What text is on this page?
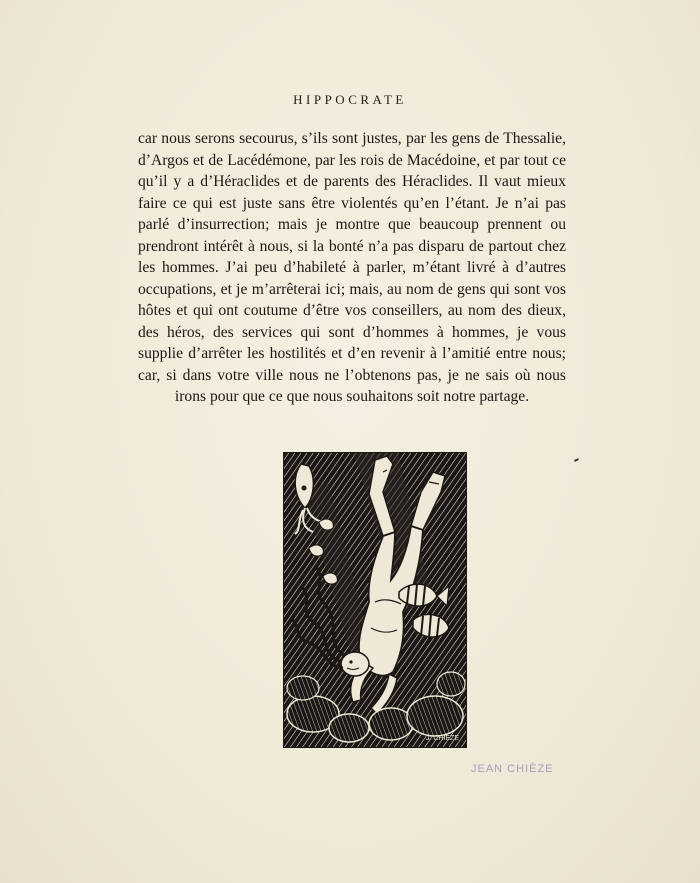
HIPPOCRATE

car nous serons secourus, s’ils sont justes, par les gens de Thessalie, d’Argos et de Lacédémone, par les rois de Macédoine, et par tout ce qu’il y a d’Héraclides et de parents des Héraclides. Il vaut mieux faire ce qui est juste sans être violentés qu’en l’étant. Je n’ai pas parlé d’insurrection; mais je montre que beaucoup prennent ou prendront intérêt à nous, si la bonté n’a pas disparu de partout chez les hommes. J’ai peu d’habileté à parler, m’étant livré à d’autres occupations, et je m’arrêterai ici; mais, au nom de gens qui sont vos hôtes et qui ont coutume d’être vos conseillers, au nom des dieux, des héros, des services qui sont d’hommes à hommes, je vous supplie d’arrêter les hostilités et d’en revenir à l’amitié entre nous; car, si dans votre ville nous ne l’obtenons pas, je ne sais où nous irons pour que ce que nous souhaitons soit notre partage.

J. CHIEZE
JEAN CHIÈZE
